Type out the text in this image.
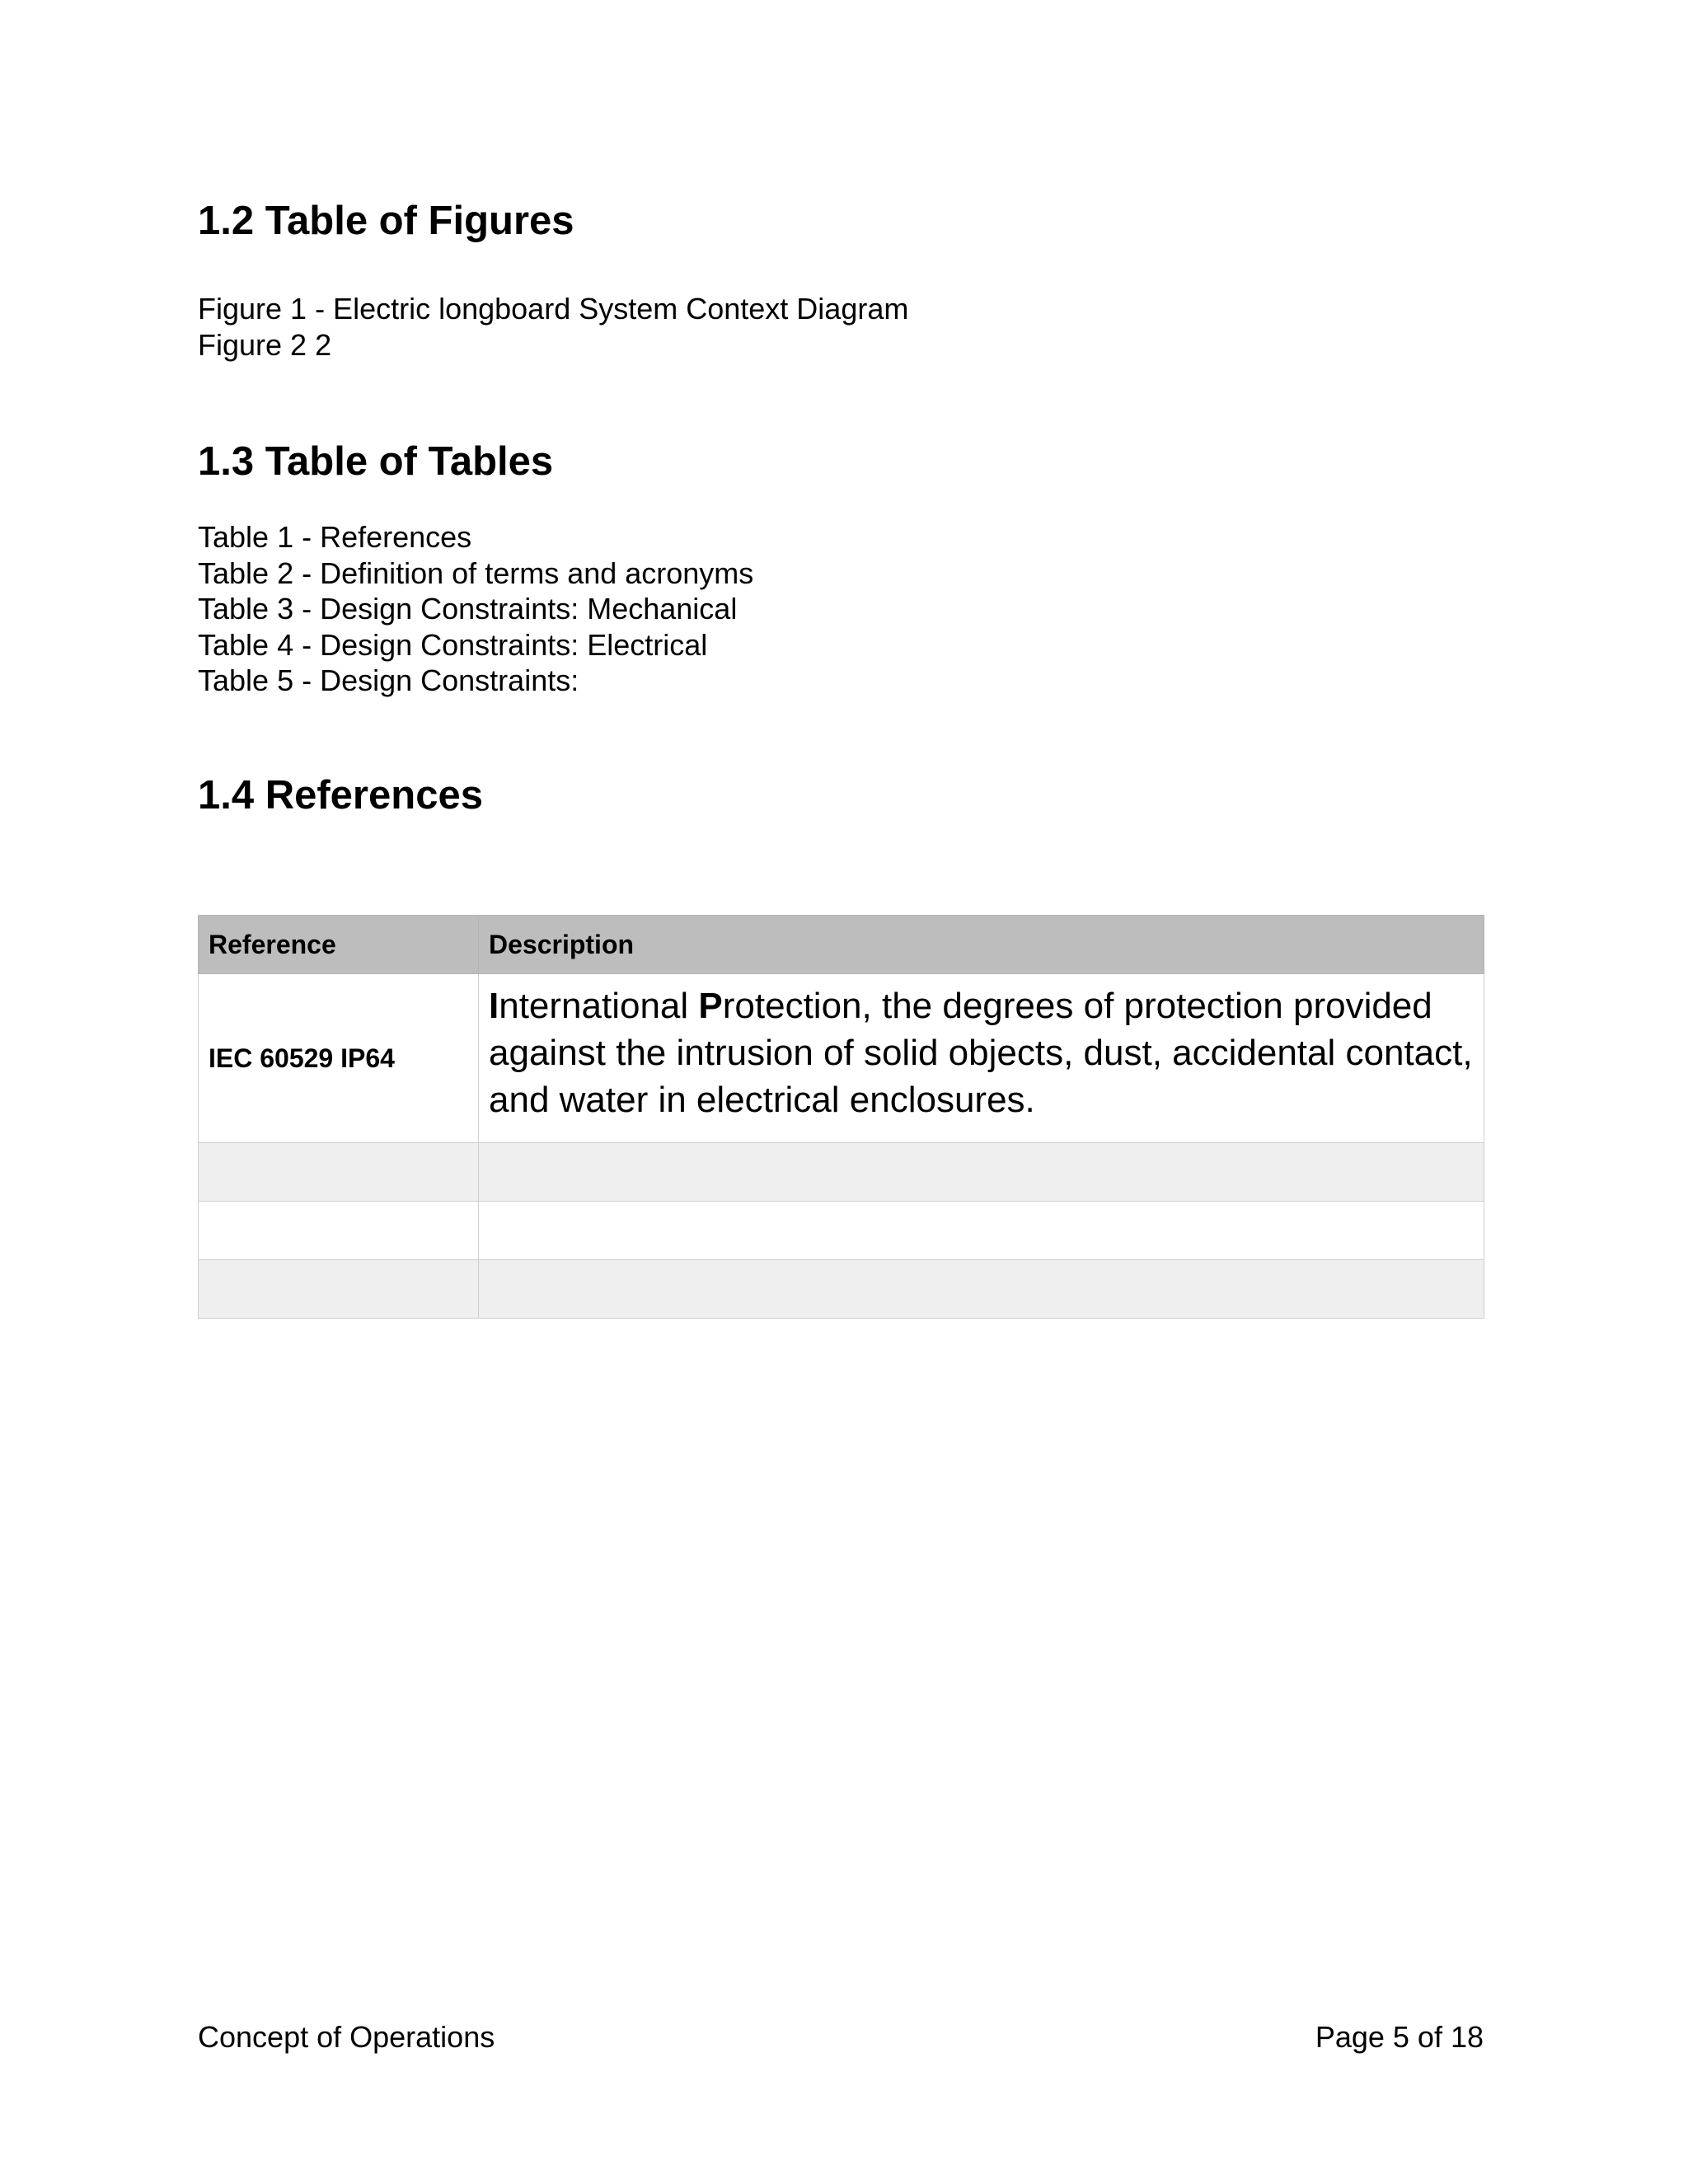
1.2 Table of Figures
Figure 1 - Electric longboard System Context Diagram
Figure 2 2
1.3 Table of Tables
Table 1 - References
Table 2 - Definition of terms and acronyms
Table 3 - Design Constraints: Mechanical
Table 4 - Design Constraints: Electrical
Table 5 - Design Constraints:
1.4 References
Reference	Description
IEC 60529 IP64	International Protection, the degrees of protection provided against the intrusion of solid objects, dust, accidental contact, and water in electrical enclosures.

Concept of Operations	Page 5 of 18
